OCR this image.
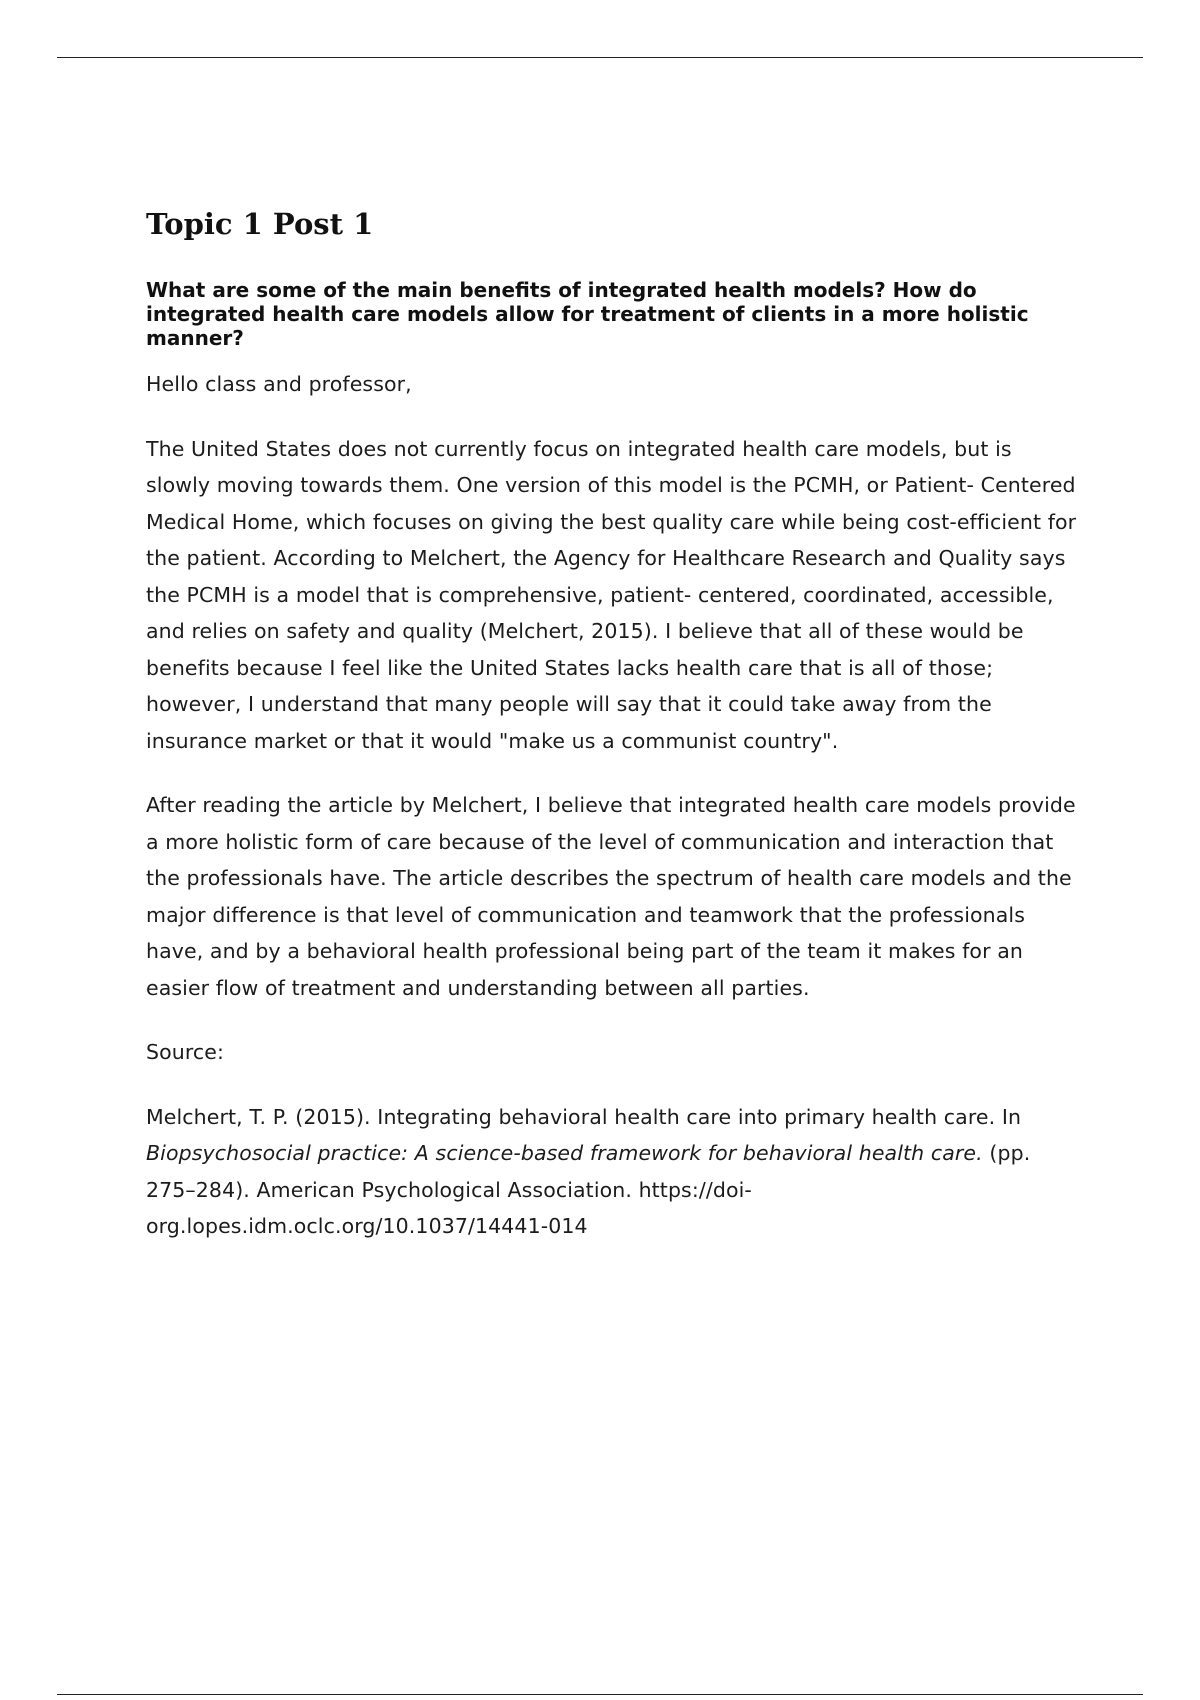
Topic 1 Post 1

What are some of the main benefits of integrated health models? How do integrated health care models allow for treatment of clients in a more holistic manner?

Hello class and professor,

The United States does not currently focus on integrated health care models, but is slowly moving towards them. One version of this model is the PCMH, or Patient- Centered Medical Home, which focuses on giving the best quality care while being cost-efficient for the patient. According to Melchert, the Agency for Healthcare Research and Quality says the PCMH is a model that is comprehensive, patient- centered, coordinated, accessible, and relies on safety and quality (Melchert, 2015). I believe that all of these would be benefits because I feel like the United States lacks health care that is all of those; however, I understand that many people will say that it could take away from the insurance market or that it would "make us a communist country".

After reading the article by Melchert, I believe that integrated health care models provide a more holistic form of care because of the level of communication and interaction that the professionals have. The article describes the spectrum of health care models and the major difference is that level of communication and teamwork that the professionals have, and by a behavioral health professional being part of the team it makes for an easier flow of treatment and understanding between all parties.

Source:

Melchert, T. P. (2015). Integrating behavioral health care into primary health care. In Biopsychosocial practice: A science-based framework for behavioral health care. (pp. 275–284). American Psychological Association. https://doi- org.lopes.idm.oclc.org/10.1037/14441-014
